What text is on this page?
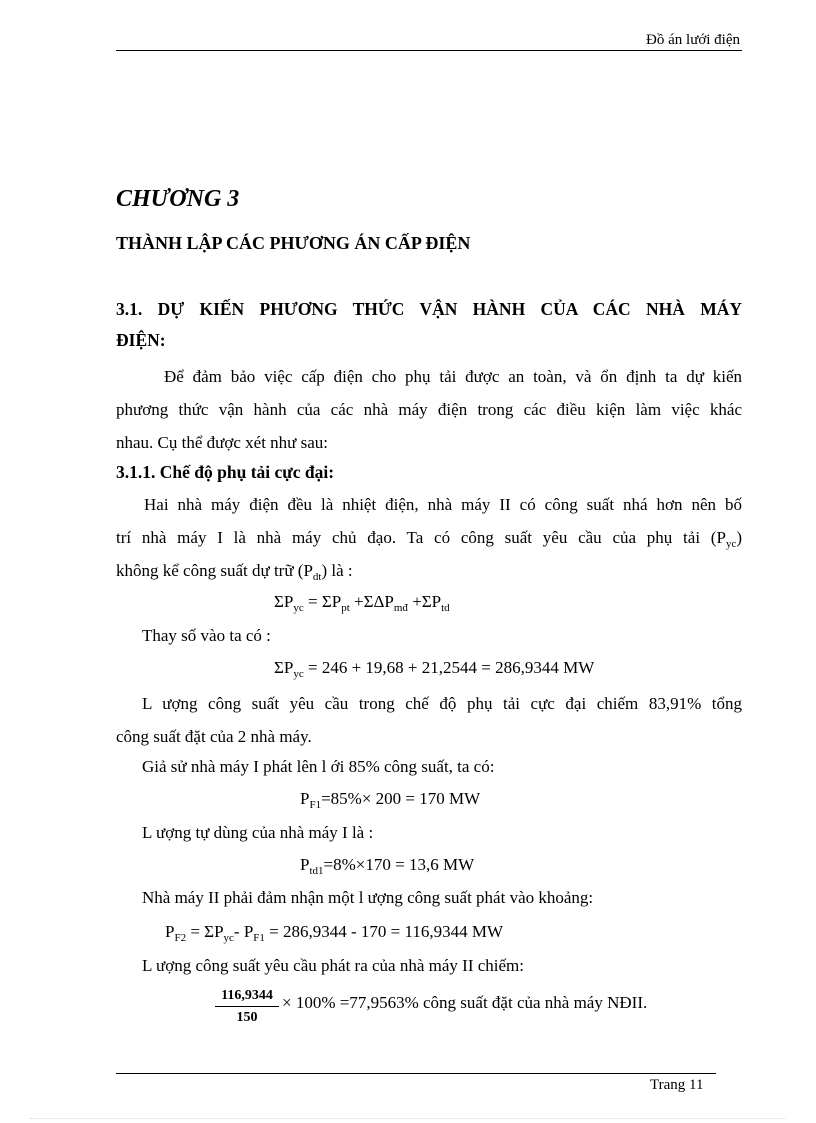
Đồ án lưới điện
CHƯƠNG 3
THÀNH LẬP CÁC PHƯƠNG ÁN CẤP ĐIỆN
3.1. DỰ KIẾN PHƯƠNG THỨC VẬN HÀNH CỦA CÁC NHÀ MÁY
ĐIỆN:
Để đảm bảo việc cấp điện cho phụ tải được an toàn, và ổn định ta dự kiến
phương thức vận hành của các nhà máy điện trong các điều kiện làm việc khác
nhau. Cụ thể được xét như sau:
3.1.1. Chế độ phụ tải cực đại:
Hai nhà máy điện đều là nhiệt điện, nhà máy II có công suất nhá hơn nên bố
trí nhà máy I là nhà máy chủ đạo. Ta có công suất yêu cầu của phụ tải $(P_{yc})$
không kể công suất dự trữ $(P_{dt})$ là :
$\Sigma P_{yc} = \Sigma P_{pt} +\Sigma\Delta P_{mđ} +\Sigma P_{td}$
Thay số vào ta có :
$\Sigma P_{yc} = 246 + 19,68 + 21,2544 = 286,9344$ MW
L ượng công suất yêu cầu trong chế độ phụ tải cực đại chiếm 83,91% tổng
công suất đặt của 2 nhà máy.
Giả sử nhà máy I phát lên l ới 85% công suất, ta có:
$P_{F1}=85\%\times 200 = 170$ MW
L ượng tự dùng của nhà máy I là :
$P_{td1}=8\%\times 170 = 13,6$ MW
Nhà máy II phải đảm nhận một l ượng công suất phát vào khoảng:
$P_{F2} = \Sigma P_{yc}-$ $P_{F1} = 286,9344 - 170 = 116,9344$ MW
L ượng công suất yêu cầu phát ra của nhà máy II chiếm:
$\frac{116,9344}{150} \times 100\% =77,9563\%$ công suất đặt của nhà máy NĐII.
Trang 11
